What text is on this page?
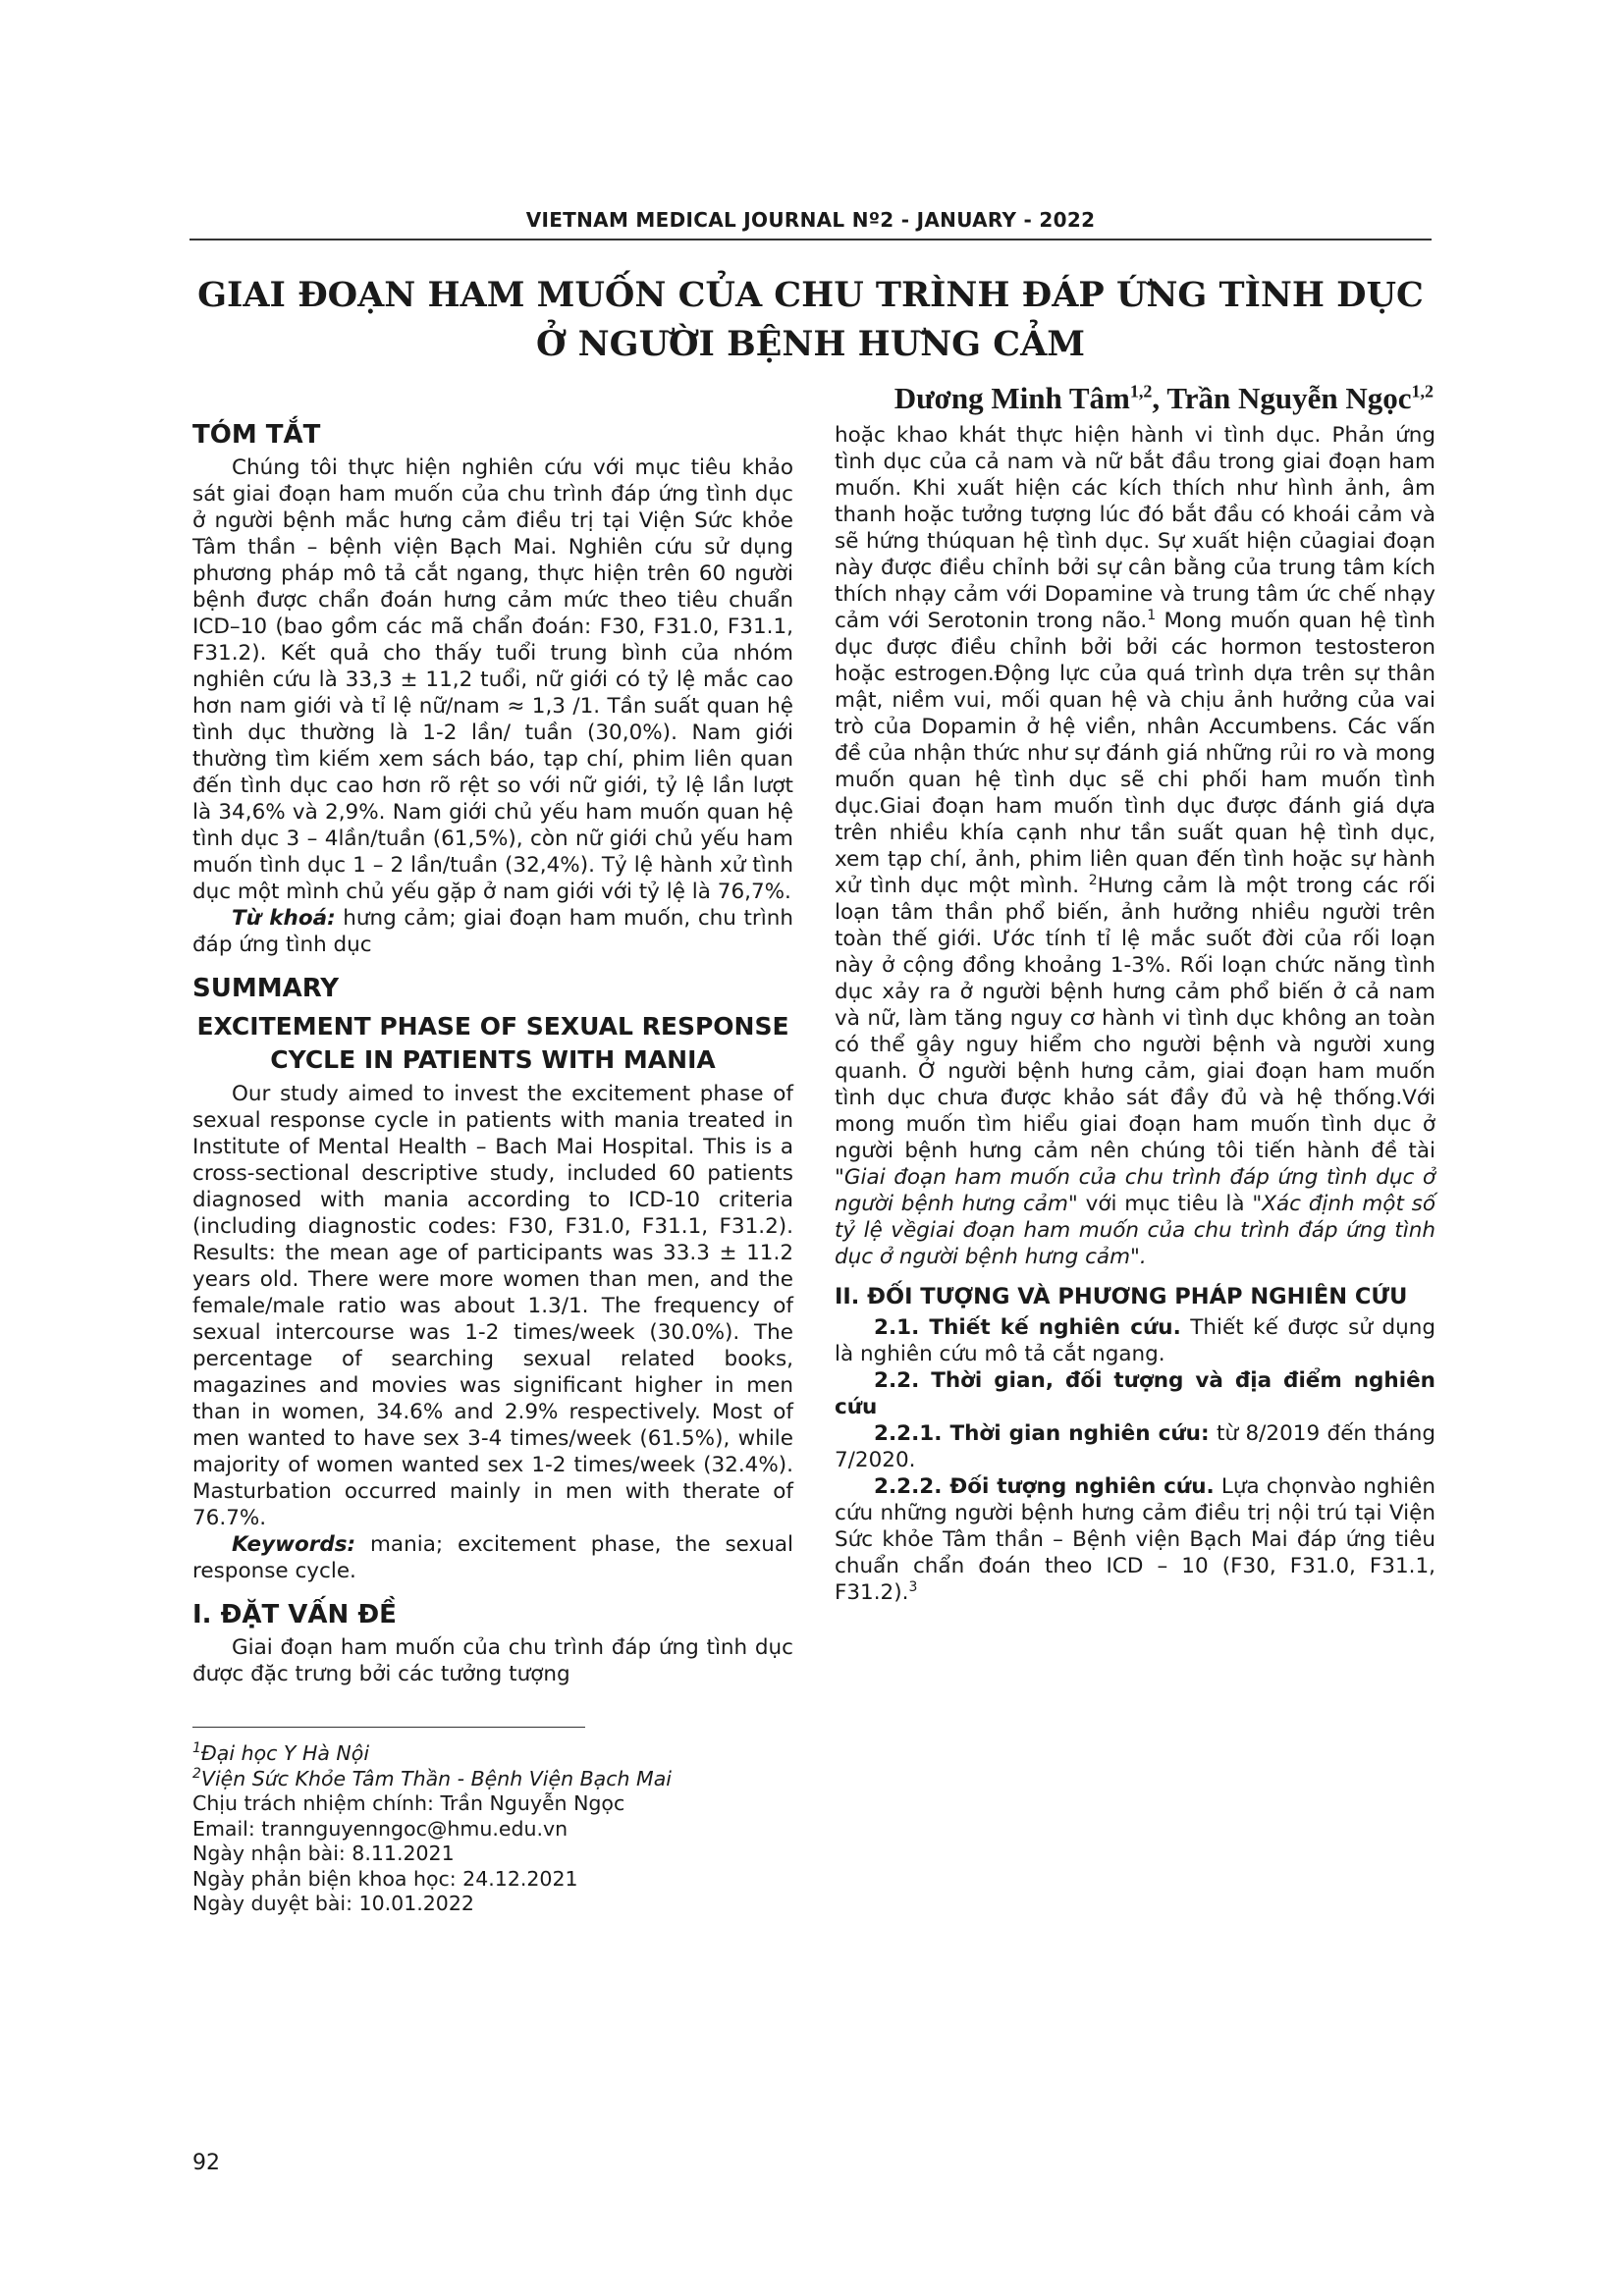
VIETNAM MEDICAL JOURNAL Nº2 - JANUARY - 2022
GIAI ĐOẠN HAM MUỐN CỦA CHU TRÌNH ĐÁP ỨNG TÌNH DỤC
Ở NGƯỜI BỆNH HƯNG CẢM
Dương Minh Tâm$^{1,2}$, Trần Nguyễn Ngọc$^{1,2}$
TÓM TẮT

Chúng tôi thực hiện nghiên cứu với mục tiêu khảo sát giai đoạn ham muốn của chu trình đáp ứng tình dục ở người bệnh mắc hưng cảm điều trị tại Viện Sức khỏe Tâm thần – bệnh viện Bạch Mai. Nghiên cứu sử dụng phương pháp mô tả cắt ngang, thực hiện trên 60 người bệnh được chẩn đoán hưng cảm mức theo tiêu chuẩn ICD–10 (bao gồm các mã chẩn đoán: F30, F31.0, F31.1, F31.2). Kết quả cho thấy tuổi trung bình của nhóm nghiên cứu là 33,3 ± 11,2 tuổi, nữ giới có tỷ lệ mắc cao hơn nam giới và tỉ lệ nữ/nam ≈ 1,3 /1. Tần suất quan hệ tình dục thường là 1-2 lần/ tuần (30,0%). Nam giới thường tìm kiếm xem sách báo, tạp chí, phim liên quan đến tình dục cao hơn rõ rệt so với nữ giới, tỷ lệ lần lượt là 34,6% và 2,9%. Nam giới chủ yếu ham muốn quan hệ tình dục 3 – 4lần/tuần (61,5%), còn nữ giới chủ yếu ham muốn tình dục 1 – 2 lần/tuần (32,4%). Tỷ lệ hành xử tình dục một mình chủ yếu gặp ở nam giới với tỷ lệ là 76,7%.

Từ khoá: hưng cảm; giai đoạn ham muốn, chu trình đáp ứng tình dục

SUMMARY
EXCITEMENT PHASE OF SEXUAL RESPONSE
CYCLE IN PATIENTS WITH MANIA

Our study aimed to invest the excitement phase of sexual response cycle in patients with mania treated in Institute of Mental Health – Bach Mai Hospital. This is a cross-sectional descriptive study, included 60 patients diagnosed with mania according to ICD-10 criteria (including diagnostic codes: F30, F31.0, F31.1, F31.2). Results: the mean age of participants was 33.3 ± 11.2 years old. There were more women than men, and the female/male ratio was about 1.3/1. The frequency of sexual intercourse was 1-2 times/week (30.0%). The percentage of searching sexual related books, magazines and movies was significant higher in men than in women, 34.6% and 2.9% respectively. Most of men wanted to have sex 3-4 times/week (61.5%), while majority of women wanted sex 1-2 times/week (32.4%). Masturbation occurred mainly in men with therate of 76.7%.

Keywords: mania; excitement phase, the sexual response cycle.

I. ĐẶT VẤN ĐỀ

Giai đoạn ham muốn của chu trình đáp ứng tình dục được đặc trưng bởi các tưởng tượng

$^1$Đại học Y Hà Nội

$^2$Viện Sức Khỏe Tâm Thần - Bệnh Viện Bạch Mai

Chịu trách nhiệm chính: Trần Nguyễn Ngọc

Email: trannguyenngoc@hmu.edu.vn

Ngày nhận bài: 8.11.2021

Ngày phản biện khoa học: 24.12.2021

Ngày duyệt bài: 10.01.2022

hoặc khao khát thực hiện hành vi tình dục. Phản ứng tình dục của cả nam và nữ bắt đầu trong giai đoạn ham muốn. Khi xuất hiện các kích thích như hình ảnh, âm thanh hoặc tưởng tượng lúc đó bắt đầu có khoái cảm và sẽ hứng thúquan hệ tình dục. Sự xuất hiện củagiai đoạn này được điều chỉnh bởi sự cân bằng của trung tâm kích thích nhạy cảm với Dopamine và trung tâm ức chế nhạy cảm với Serotonin trong não.$^1$ Mong muốn quan hệ tình dục được điều chỉnh bởi bởi các hormon testosteron hoặc estrogen.Động lực của quá trình dựa trên sự thân mật, niềm vui, mối quan hệ và chịu ảnh hưởng của vai trò của Dopamin ở hệ viền, nhân Accumbens. Các vấn đề của nhận thức như sự đánh giá những rủi ro và mong muốn quan hệ tình dục sẽ chi phối ham muốn tình dục.Giai đoạn ham muốn tình dục được đánh giá dựa trên nhiều khía cạnh như tần suất quan hệ tình dục, xem tạp chí, ảnh, phim liên quan đến tình hoặc sự hành xử tình dục một mình. $^2$Hưng cảm là một trong các rối loạn tâm thần phổ biến, ảnh hưởng nhiều người trên toàn thế giới. Ước tính tỉ lệ mắc suốt đời của rối loạn này ở cộng đồng khoảng 1-3%. Rối loạn chức năng tình dục xảy ra ở người bệnh hưng cảm phổ biến ở cả nam và nữ, làm tăng nguy cơ hành vi tình dục không an toàn có thể gây nguy hiểm cho người bệnh và người xung quanh. Ở người bệnh hưng cảm, giai đoạn ham muốn tình dục chưa được khảo sát đầy đủ và hệ thống.Với mong muốn tìm hiểu giai đoạn ham muốn tình dục ở người bệnh hưng cảm nên chúng tôi tiến hành đề tài "Giai đoạn ham muốn của chu trình đáp ứng tình dục ở người bệnh hưng cảm" với mục tiêu là "Xác định một số tỷ lệ vềgiai đoạn ham muốn của chu trình đáp ứng tình dục ở người bệnh hưng cảm".

II. ĐỐI TƯỢNG VÀ PHƯƠNG PHÁP NGHIÊN CỨU

2.1. Thiết kế nghiên cứu. Thiết kế được sử dụng là nghiên cứu mô tả cắt ngang.

2.2. Thời gian, đối tượng và địa điểm nghiên cứu

2.2.1. Thời gian nghiên cứu: từ 8/2019 đến tháng 7/2020.

2.2.2. Đối tượng nghiên cứu. Lựa chọnvào nghiên cứu những người bệnh hưng cảm điều trị nội trú tại Viện Sức khỏe Tâm thần – Bệnh viện Bạch Mai đáp ứng tiêu chuẩn chẩn đoán theo ICD – 10 (F30, F31.0, F31.1, F31.2).$^3$

92
